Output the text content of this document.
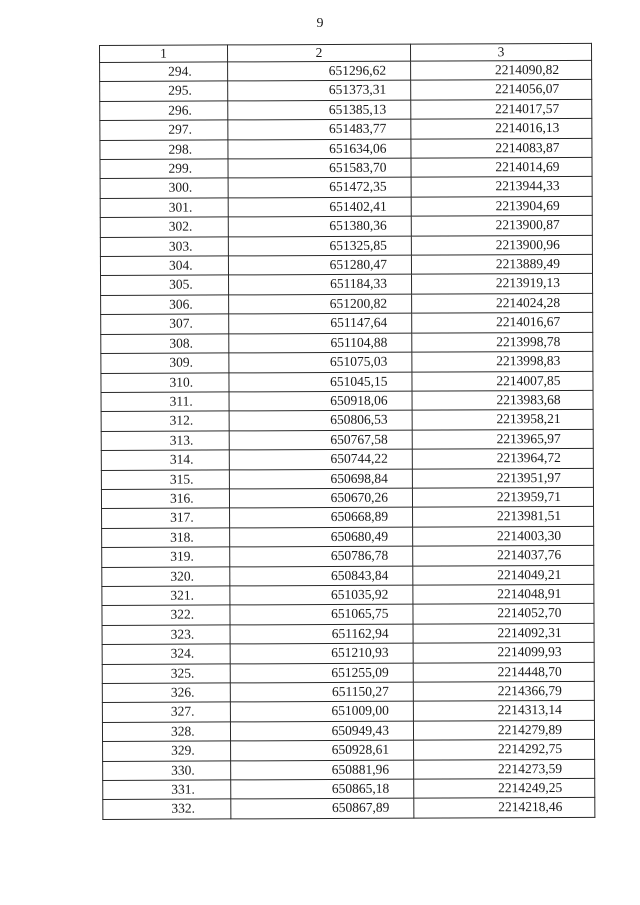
9
1	2	3
294.	651296,62	2214090,82
295.	651373,31	2214056,07
296.	651385,13	2214017,57
297.	651483,77	2214016,13
298.	651634,06	2214083,87
299.	651583,70	2214014,69
300.	651472,35	2213944,33
301.	651402,41	2213904,69
302.	651380,36	2213900,87
303.	651325,85	2213900,96
304.	651280,47	2213889,49
305.	651184,33	2213919,13
306.	651200,82	2214024,28
307.	651147,64	2214016,67
308.	651104,88	2213998,78
309.	651075,03	2213998,83
310.	651045,15	2214007,85
311.	650918,06	2213983,68
312.	650806,53	2213958,21
313.	650767,58	2213965,97
314.	650744,22	2213964,72
315.	650698,84	2213951,97
316.	650670,26	2213959,71
317.	650668,89	2213981,51
318.	650680,49	2214003,30
319.	650786,78	2214037,76
320.	650843,84	2214049,21
321.	651035,92	2214048,91
322.	651065,75	2214052,70
323.	651162,94	2214092,31
324.	651210,93	2214099,93
325.	651255,09	2214448,70
326.	651150,27	2214366,79
327.	651009,00	2214313,14
328.	650949,43	2214279,89
329.	650928,61	2214292,75
330.	650881,96	2214273,59
331.	650865,18	2214249,25
332.	650867,89	2214218,46
